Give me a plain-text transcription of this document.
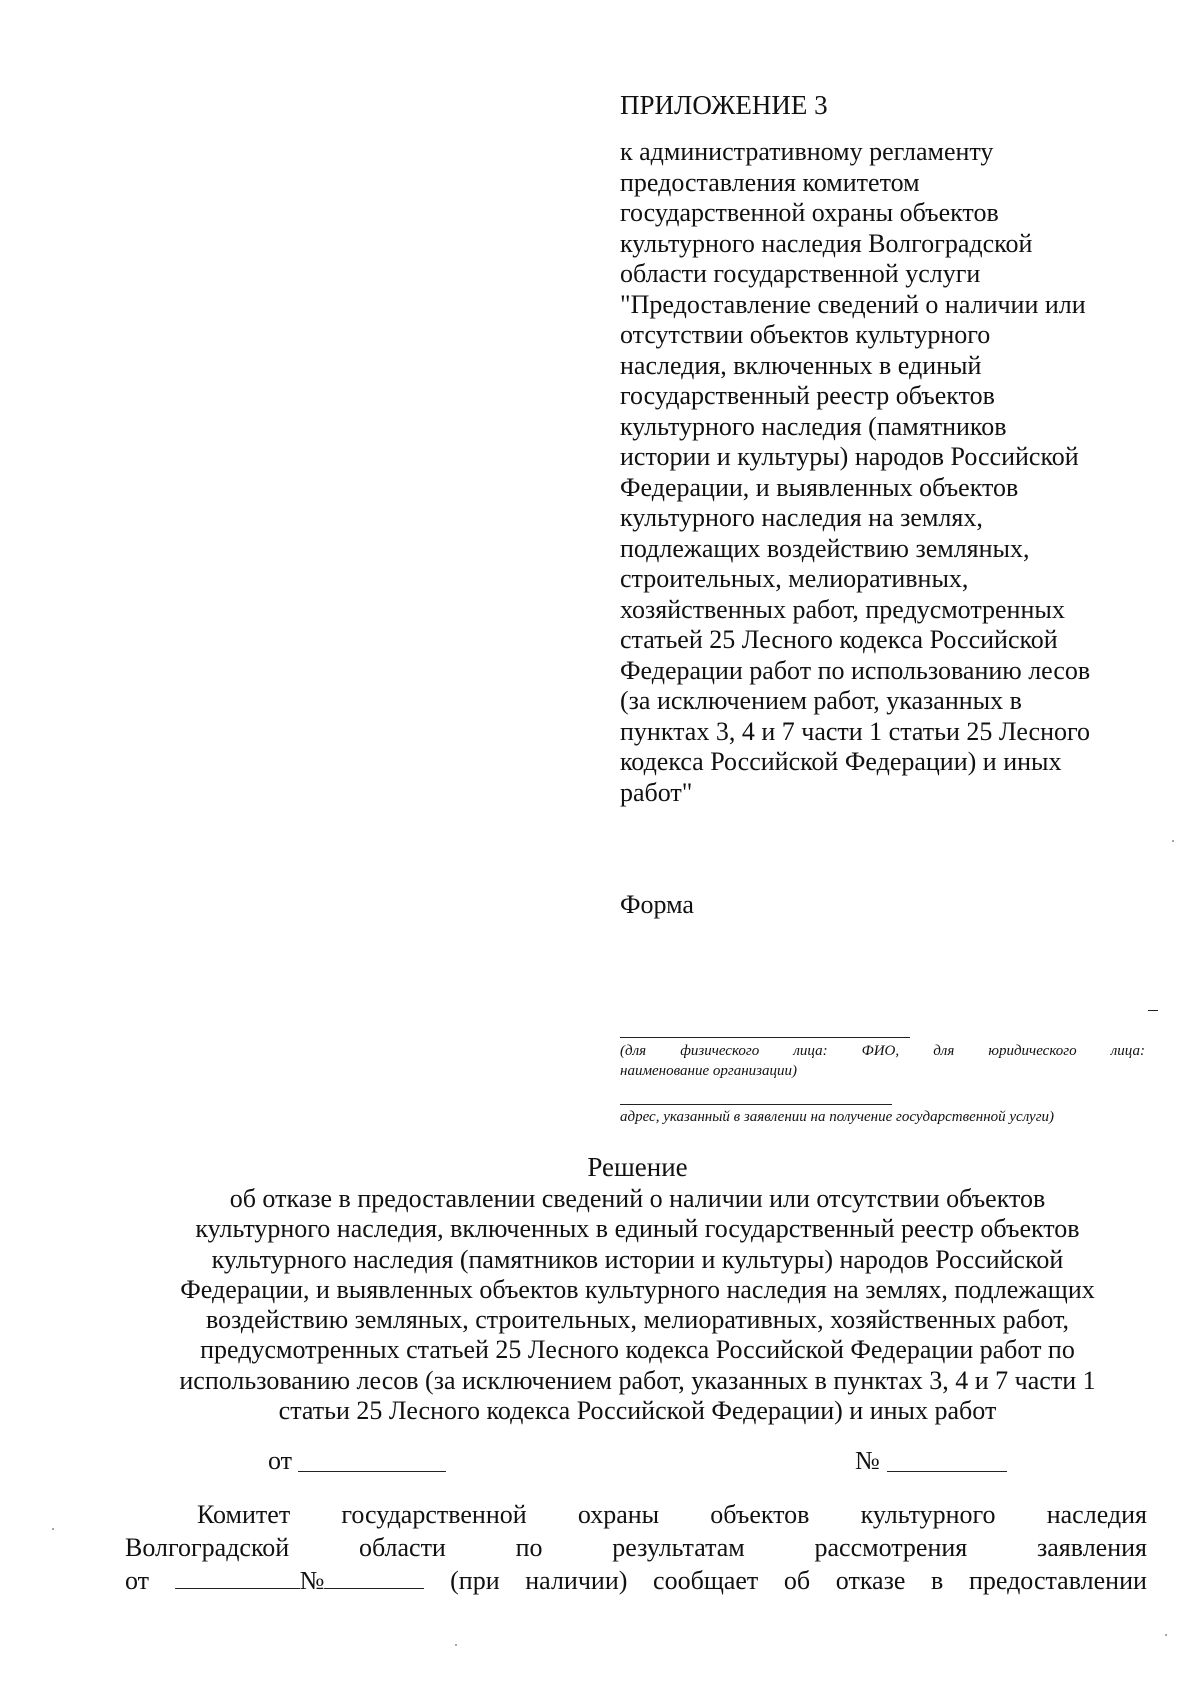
ПРИЛОЖЕНИЕ 3
к административному регламенту
предоставления комитетом
государственной охраны объектов
культурного наследия Волгоградской
области государственной услуги
"Предоставление сведений о наличии или
отсутствии объектов культурного
наследия, включенных в единый
государственный реестр объектов
культурного наследия (памятников
истории и культуры) народов Российской
Федерации, и выявленных объектов
культурного наследия на землях,
подлежащих воздействию земляных,
строительных, мелиоративных,
хозяйственных работ, предусмотренных
статьей 25 Лесного кодекса Российской
Федерации работ по использованию лесов
(за исключением работ, указанных в
пунктах 3, 4 и 7 части 1 статьи 25 Лесного
кодекса Российской Федерации) и иных
работ"
Форма
(для физического лица: ФИО, для юридического лица:
наименование организации)
адрес, указанный в заявлении на получение государственной услуги)
Решение
об отказе в предоставлении сведений о наличии или отсутствии объектов
культурного наследия, включенных в единый государственный реестр объектов
культурного наследия (памятников истории и культуры) народов Российской
Федерации, и выявленных объектов культурного наследия на землях, подлежащих
воздействию земляных, строительных, мелиоративных, хозяйственных работ,
предусмотренных статьей 25 Лесного кодекса Российской Федерации работ по
использованию лесов (за исключением работ, указанных в пунктах 3, 4 и 7 части 1
статьи 25 Лесного кодекса Российской Федерации) и иных работ
от	№
Комитет государственной охраны объектов культурного наследия
Волгоградской	области	по	результатам	рассмотрения	заявления
от	№	(при наличии) сообщает об отказе в предоставлении
